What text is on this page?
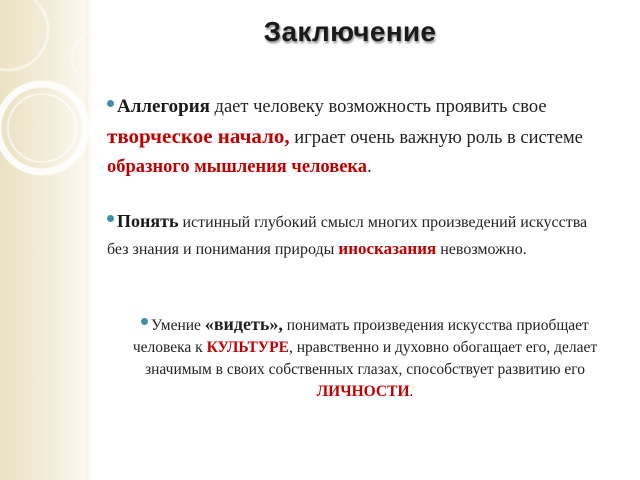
Заключение
Аллегория дает человеку возможность проявить свое творческое начало, играет очень важную роль в системе образного мышления человека.
Понять истинный глубокий смысл многих произведений искусства без знания и понимания природы иносказания невозможно.
Умение «видеть», понимать произведения искусства приобщает человека к КУЛЬТУРЕ, нравственно и духовно обогащает его, делает значимым в своих собственных глазах, способствует развитию его ЛИЧНОСТИ.
